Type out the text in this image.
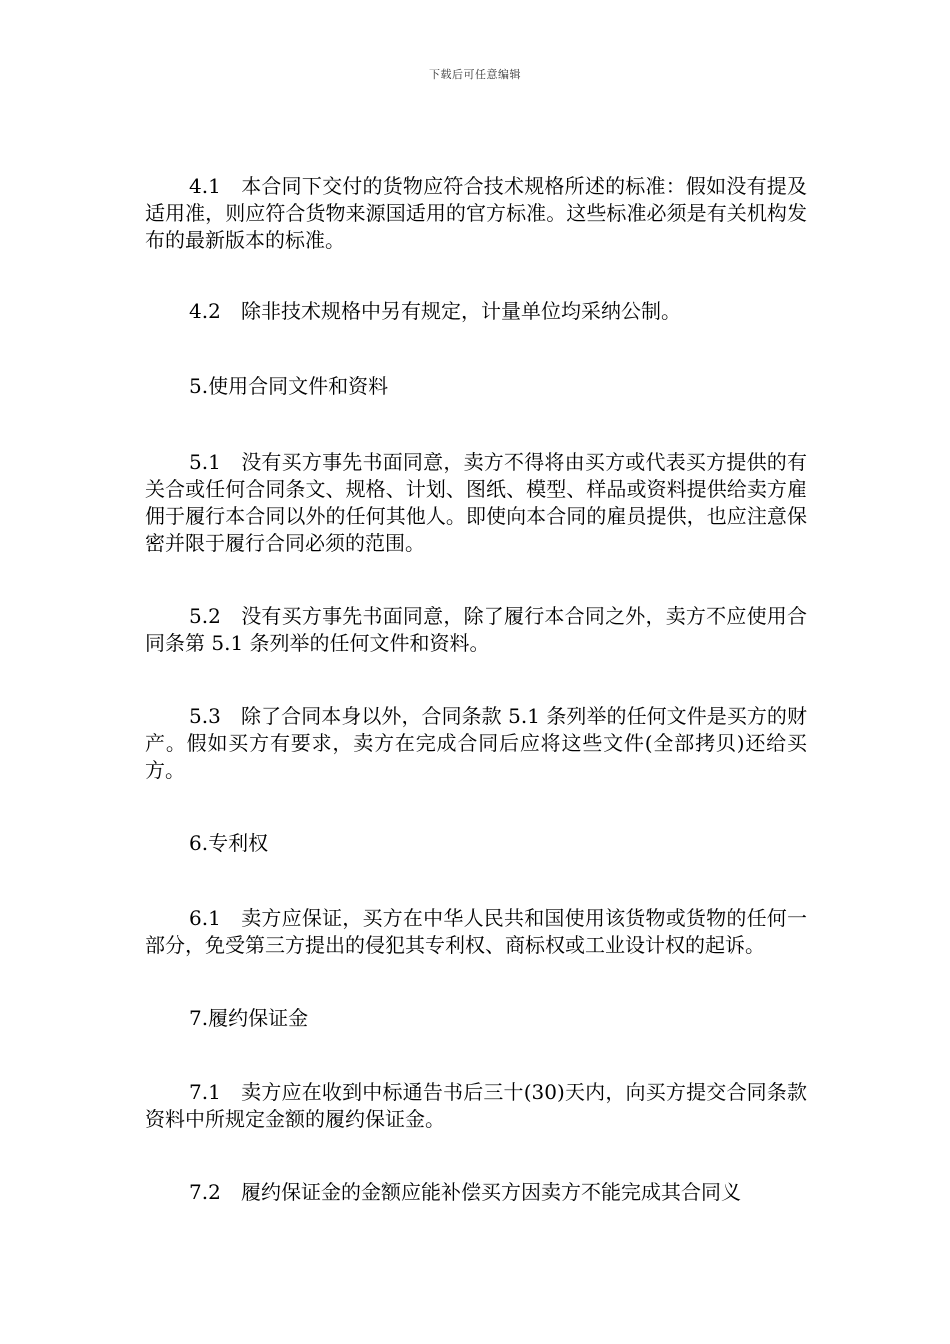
下载后可任意编辑

4.1 本合同下交付的货物应符合技术规格所述的标准：假如没有提及适用准，则应符合货物来源国适用的官方标准。这些标准必须是有关机构发布的最新版本的标准。

4.2 除非技术规格中另有规定，计量单位均采纳公制。

5.使用合同文件和资料

5.1 没有买方事先书面同意，卖方不得将由买方或代表买方提供的有关合或任何合同条文、规格、计划、图纸、模型、样品或资料提供给卖方雇佣于履行本合同以外的任何其他人。即使向本合同的雇员提供，也应注意保密并限于履行合同必须的范围。

5.2 没有买方事先书面同意，除了履行本合同之外，卖方不应使用合同条第 5.1 条列举的任何文件和资料。

5.3 除了合同本身以外，合同条款 5.1 条列举的任何文件是买方的财产。假如买方有要求，卖方在完成合同后应将这些文件(全部拷贝)还给买方。

6.专利权

6.1 卖方应保证，买方在中华人民共和国使用该货物或货物的任何一部分，免受第三方提出的侵犯其专利权、商标权或工业设计权的起诉。

7.履约保证金

7.1 卖方应在收到中标通告书后三十(30)天内，向买方提交合同条款资料中所规定金额的履约保证金。

7.2 履约保证金的金额应能补偿买方因卖方不能完成其合同义
